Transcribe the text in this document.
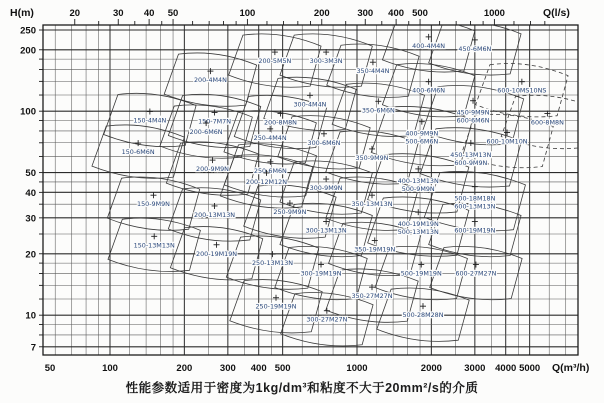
150-4M4N
150-6M6N
150-9M9N
150-13M13N
200-4M4N
200-5M5N	300-3M3N
350-4M4N
400-4M4N 450-6M6N
300-4M4N
350-6M6N
400-6M6N	600-10MS10NS
150-7M7N	200-8M8N
200-6M6N
250-4M4N
300-6M6N
350-9M9N
450-9M9N 600-6M6N	600-8M8N
400-9M9N 500-6M6N	600-10M10N
450-13M13N 600-9M9N
200-9M9N	250-6M6N
200-12M12N
300-9M9N
350-13M13N
400-13M13N 500-9M9N
500-18M18N 600-13M13N
200-13M13N	250-9M9N
300-13M13N
400-19M19N 500-13M13N 600-19M19N
200-19M19N
250-13M13N
300-19M19N
350-19M19N
500-19M19N 600-27M27N
250-19M19N
300-27M27N
350-27M27N
500-28M28N
20	30 40 50	100	200	300 400 500	1000
50	100	200	300 400 500	1000	2000 3000 4000 5000
250
200
100
50
40
30
20
10
7
H(m)	Q(l/s)
Q(m³/h)
性能参数适用于密度为1kg/dm³和粘度不大于20mm²/s的介质
